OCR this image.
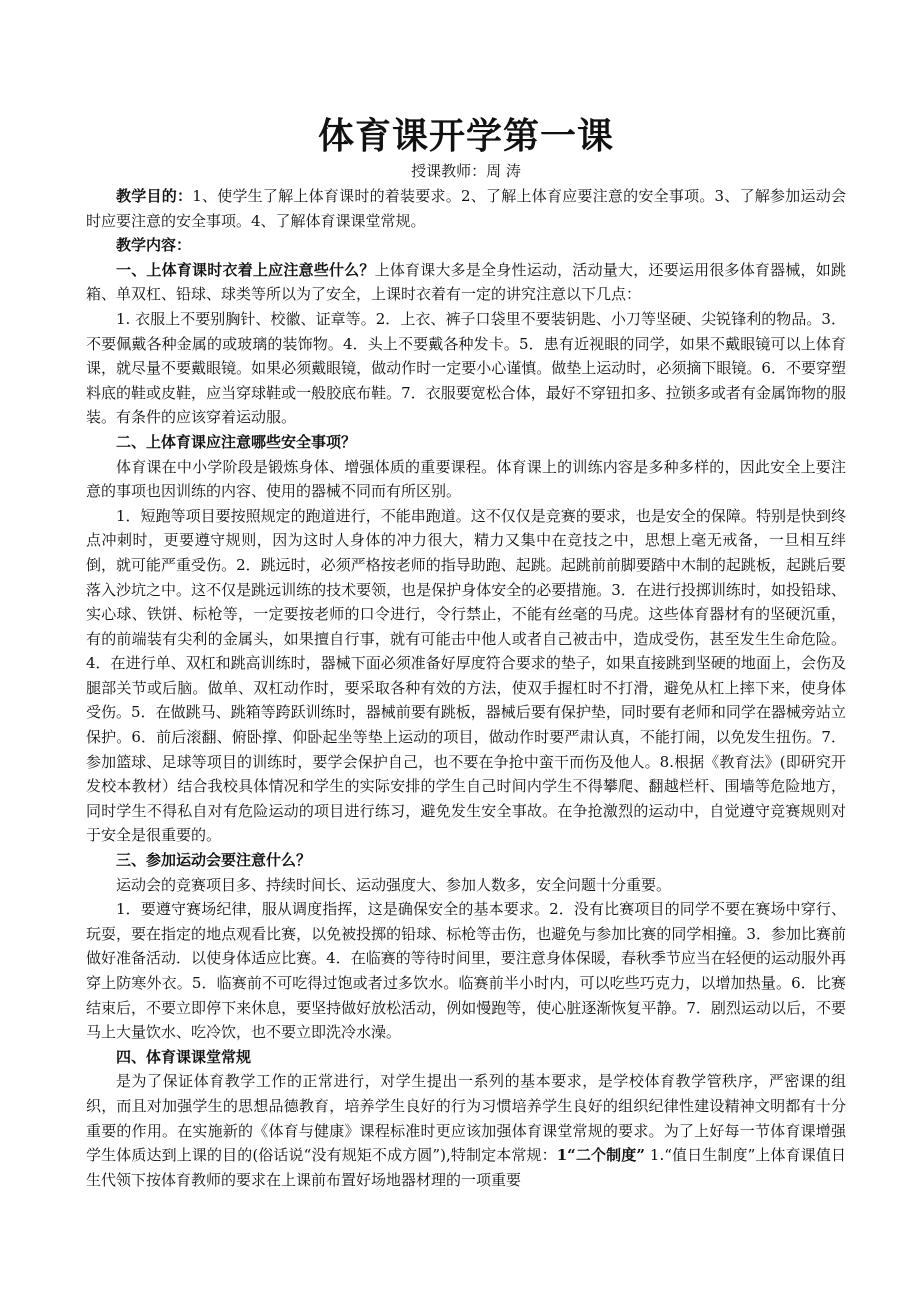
体育课开学第一课
授课教师：周 涛

教学目的：1、使学生了解上体育课时的着装要求。2、了解上体育应要注意的安全事项。3、了解参加运动会时应要注意的安全事项。4、了解体育课课堂常规。

教学内容：

一、上体育课时衣着上应注意些什么？上体育课大多是全身性运动，活动量大，还要运用很多体育器械，如跳箱、单双杠、铅球、球类等所以为了安全，上课时衣着有一定的讲究注意以下几点：

1. 衣服上不要别胸针、校徽、证章等。2．上衣、裤子口袋里不要装钥匙、小刀等坚硬、尖锐锋利的物品。3．不要佩戴各种金属的或玻璃的装饰物。4．头上不要戴各种发卡。5．患有近视眼的同学，如果不戴眼镜可以上体育课，就尽量不要戴眼镜。如果必须戴眼镜，做动作时一定要小心谨慎。做垫上运动时，必须摘下眼镜。6．不要穿塑料底的鞋或皮鞋，应当穿球鞋或一般胶底布鞋。7．衣服要宽松合体，最好不穿钮扣多、拉锁多或者有金属饰物的服装。有条件的应该穿着运动服。

二、上体育课应注意哪些安全事项？

体育课在中小学阶段是锻炼身体、增强体质的重要课程。体育课上的训练内容是多种多样的，因此安全上要注意的事项也因训练的内容、使用的器械不同而有所区别。

1．短跑等项目要按照规定的跑道进行，不能串跑道。这不仅仅是竞赛的要求，也是安全的保障。特别是快到终点冲刺时，更要遵守规则，因为这时人身体的冲力很大，精力又集中在竞技之中，思想上毫无戒备，一旦相互绊倒，就可能严重受伤。2．跳远时，必须严格按老师的指导助跑、起跳。起跳前前脚要踏中木制的起跳板，起跳后要落入沙坑之中。这不仅是跳远训练的技术要领，也是保护身体安全的必要措施。3．在进行投掷训练时，如投铅球、实心球、铁饼、标枪等，一定要按老师的口令进行，令行禁止，不能有丝毫的马虎。这些体育器材有的坚硬沉重，有的前端装有尖利的金属头，如果擅自行事，就有可能击中他人或者自己被击中，造成受伤，甚至发生生命危险。4．在进行单、双杠和跳高训练时，器械下面必须准备好厚度符合要求的垫子，如果直接跳到坚硬的地面上，会伤及腿部关节或后脑。做单、双杠动作时，要采取各种有效的方法，使双手握杠时不打滑，避免从杠上摔下来，使身体受伤。5．在做跳马、跳箱等跨跃训练时，器械前要有跳板，器械后要有保护垫，同时要有老师和同学在器械旁站立保护。6．前后滚翻、俯卧撑、仰卧起坐等垫上运动的项目，做动作时要严肃认真，不能打闹，以免发生扭伤。7．参加篮球、足球等项目的训练时，要学会保护自己，也不要在争抢中蛮干而伤及他人。8.根据《教育法》(即研究开发校本教材）结合我校具体情况和学生的实际安排的学生自己时间内学生不得攀爬、翻越栏杆、围墙等危险地方，同时学生不得私自对有危险运动的项目进行练习，避免发生安全事故。在争抢激烈的运动中，自觉遵守竞赛规则对于安全是很重要的。

三、参加运动会要注意什么？

运动会的竞赛项目多、持续时间长、运动强度大、参加人数多，安全问题十分重要。

1．要遵守赛场纪律，服从调度指挥，这是确保安全的基本要求。2．没有比赛项目的同学不要在赛场中穿行、玩耍，要在指定的地点观看比赛，以免被投掷的铅球、标枪等击伤，也避免与参加比赛的同学相撞。3．参加比赛前做好准备活动．以使身体适应比赛。4．在临赛的等待时间里，要注意身体保暖，春秋季节应当在轻便的运动服外再穿上防寒外衣。5．临赛前不可吃得过饱或者过多饮水。临赛前半小时内，可以吃些巧克力，以增加热量。6．比赛结束后，不要立即停下来休息，要坚持做好放松活动，例如慢跑等，使心脏逐渐恢复平静。7．剧烈运动以后，不要马上大量饮水、吃冷饮，也不要立即洗冷水澡。

四、体育课课堂常规

是为了保证体育教学工作的正常进行，对学生提出一系列的基本要求，是学校体育教学管秩序，严密课的组织，而且对加强学生的思想品德教育，培养学生良好的行为习惯培养学生良好的组织纪律性建设精神文明都有十分重要的作用。在实施新的《体育与健康》课程标准时更应该加强体育课堂常规的要求。为了上好每一节体育课增强学生体质达到上课的目的(俗话说“没有规矩不成方圆”),特制定本常规：1“二个制度” 1.“值日生制度”上体育课值日生代领下按体育教师的要求在上课前布置好场地器材理的一项重要
